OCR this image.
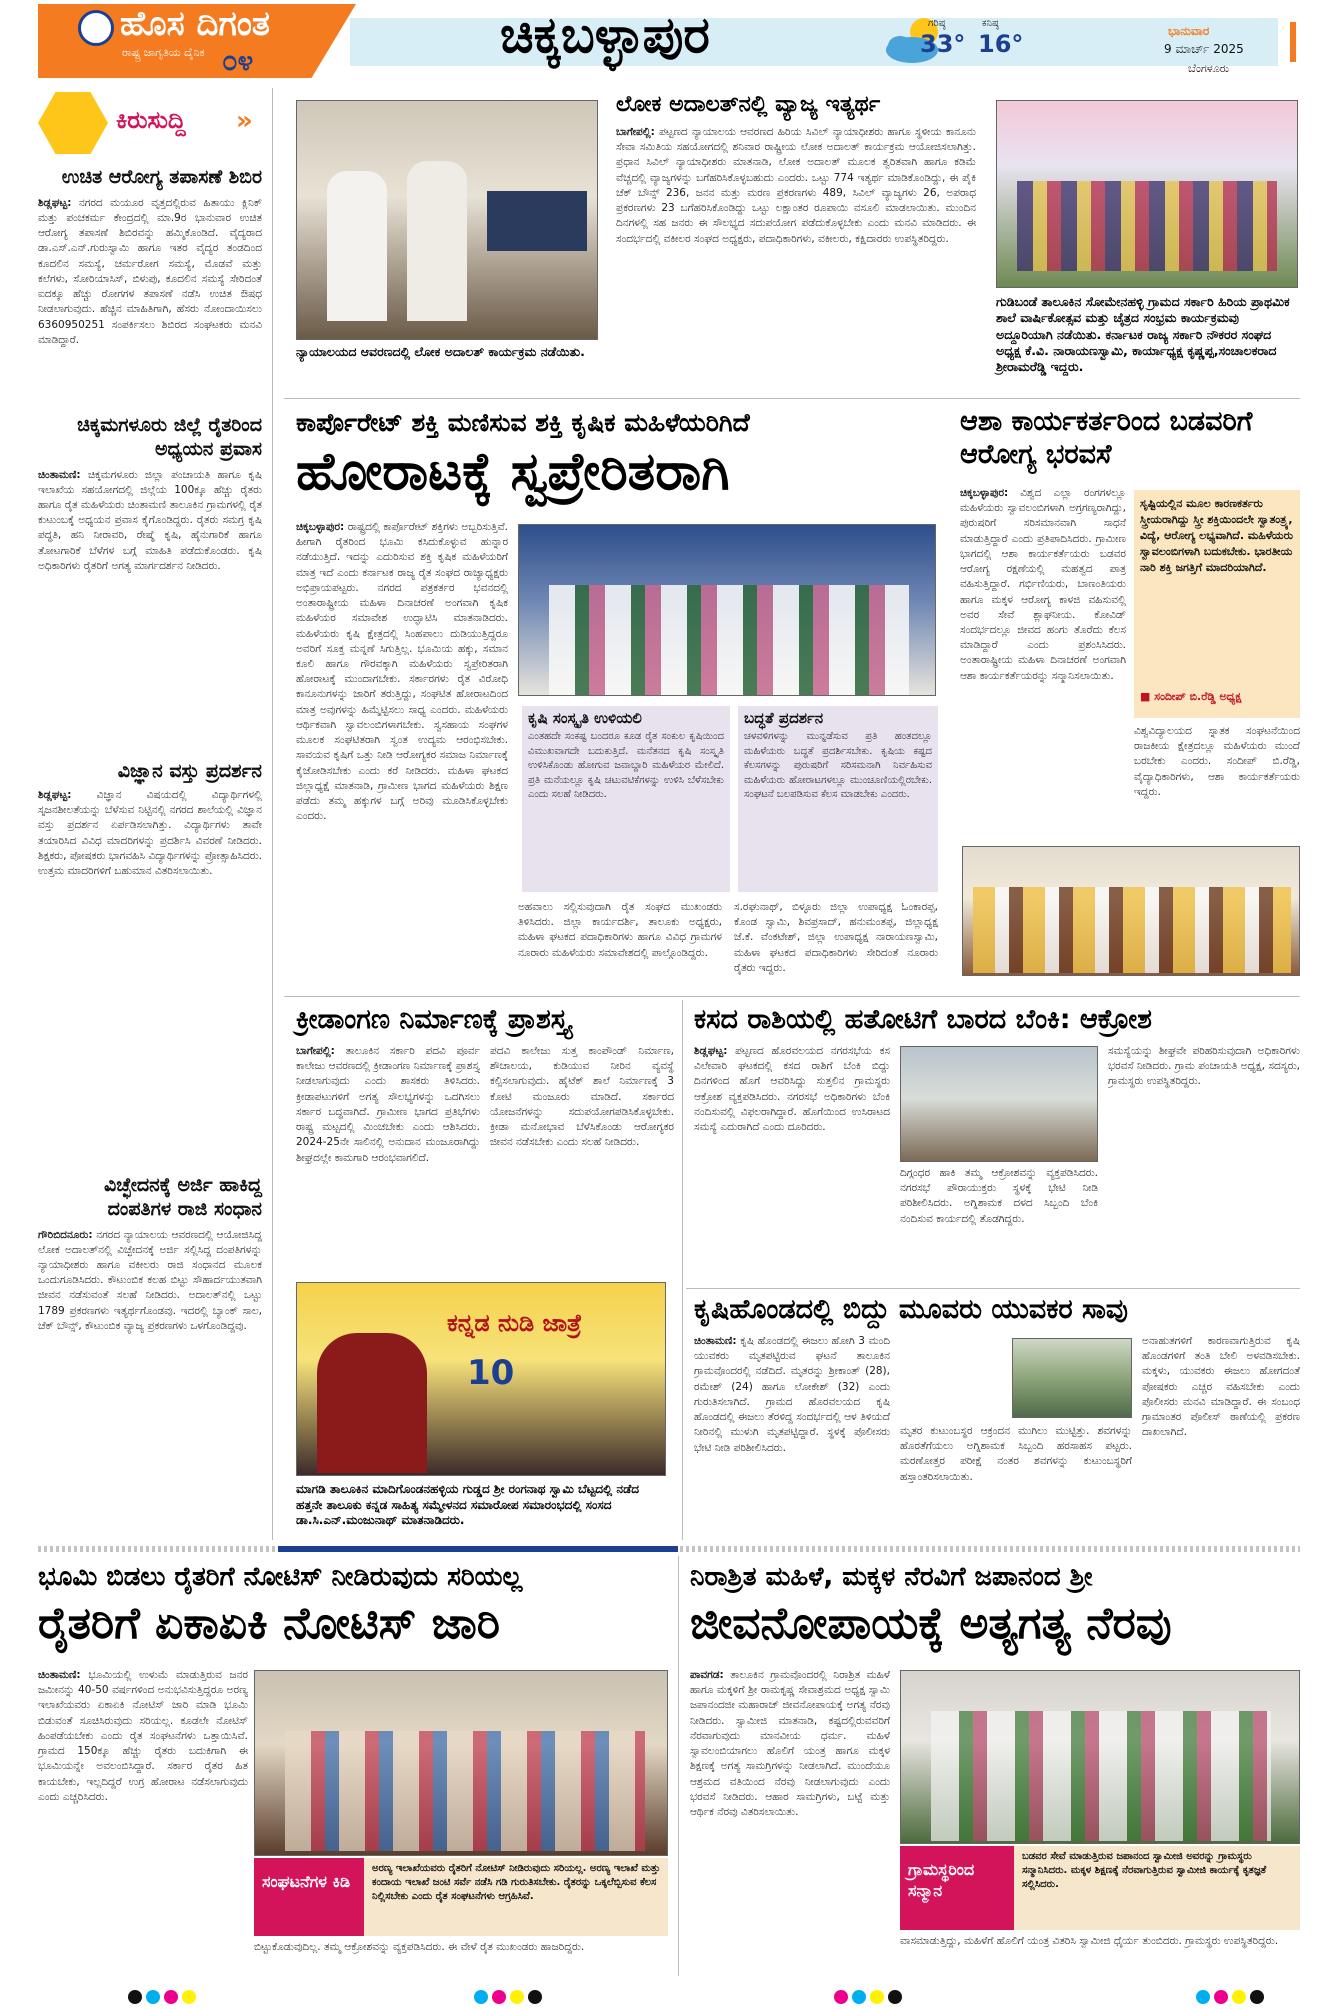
ಹೊಸ ದಿಗಂತ
ರಾಷ್ಟ್ರ ಜಾಗೃತಿಯ ದೈನಿಕ ೦೪	ಚಿಕ್ಕಬಳ್ಳಾಪುರ	ಗರಿಷ್ಠ
33°
ಕನಿಷ್ಠ
16°	ಭಾನುವಾರ
9 ಮಾರ್ಚ್ 2025
ಬೆಂಗಳೂರು
ಕಿರುಸುದ್ದಿ »
ಉಚಿತ ಆರೋಗ್ಯ ತಪಾಸಣೆ ಶಿಬಿರ
ಶಿಡ್ಲಘಟ್ಟ: ನಗರದ ಮಯೂರ ವೃತ್ತದಲ್ಲಿರುವ ಹಿತಾಯು ಕ್ಲಿನಿಕ್ ಮತ್ತು ಪಂಚಕರ್ಮ ಕೇಂದ್ರದಲ್ಲಿ ಮಾ.9ರ ಭಾನುವಾರ ಉಚಿತ ಆರೋಗ್ಯ ತಪಾಸಣೆ ಶಿಬಿರವನ್ನು ಹಮ್ಮಿಕೊಂಡಿದೆ. ವೈದ್ಯರಾದ ಡಾ.ಎಸ್.ಎನ್.ಗುರುಸ್ವಾಮಿ ಹಾಗೂ ಇತರ ವೈದ್ಯರ ತಂಡದಿಂದ ಕೂದಲಿನ ಸಮಸ್ಯೆ, ಚರ್ಮರೋಗ ಸಮಸ್ಯೆ, ಮೊಡವೆ ಮತ್ತು ಕಲೆಗಳು, ಸೋರಿಯಾಸಿಸ್, ಬಿಳುಪು, ಕೂದಲಿನ ಸಮಸ್ಯೆ ಸೇರಿದಂತೆ ಐದಕ್ಕೂ ಹೆಚ್ಚು ರೋಗಗಳ ತಪಾಸಣೆ ನಡೆಸಿ ಉಚಿತ ಔಷಧ ನೀಡಲಾಗುವುದು. ಹೆಚ್ಚಿನ ಮಾಹಿತಿಗಾಗಿ, ಹೆಸರು ನೋಂದಾಯಿಸಲು 6360950251 ಸಂಪರ್ಕಿಸಲು ಶಿಬಿರದ ಸಂಘಟಕರು ಮನವಿ ಮಾಡಿದ್ದಾರೆ.
ಚಿಕ್ಕಮಗಳೂರು ಜಿಲ್ಲೆ ರೈತರಿಂದ ಅಧ್ಯಯನ ಪ್ರವಾಸ
ಚಿಂತಾಮಣಿ: ಚಿಕ್ಕಮಗಳೂರು ಜಿಲ್ಲಾ ಪಂಚಾಯತಿ ಹಾಗೂ ಕೃಷಿ ಇಲಾಖೆಯ ಸಹಯೋಗದಲ್ಲಿ ಜಿಲ್ಲೆಯ 100ಕ್ಕೂ ಹೆಚ್ಚು ರೈತರು ಹಾಗೂ ರೈತ ಮಹಿಳೆಯರು ಚಿಂತಾಮಣಿ ತಾಲೂಕಿನ ಗ್ರಾಮಗಳಲ್ಲಿ ರೈತ ಕುಟುಂಬಕ್ಕೆ ಅಧ್ಯಯನ ಪ್ರವಾಸ ಕೈಗೊಂಡಿದ್ದರು. ರೈತರು ಸಮಗ್ರ ಕೃಷಿ ಪದ್ಧತಿ, ಹನಿ ನೀರಾವರಿ, ರೇಷ್ಮೆ ಕೃಷಿ, ಹೈನುಗಾರಿಕೆ ಹಾಗೂ ತೋಟಗಾರಿಕೆ ಬೆಳೆಗಳ ಬಗ್ಗೆ ಮಾಹಿತಿ ಪಡೆದುಕೊಂಡರು. ಕೃಷಿ ಅಧಿಕಾರಿಗಳು ರೈತರಿಗೆ ಅಗತ್ಯ ಮಾರ್ಗದರ್ಶನ ನೀಡಿದರು.
ವಿಜ್ಞಾನ ವಸ್ತು ಪ್ರದರ್ಶನ
ಶಿಡ್ಲಘಟ್ಟ: ವಿಜ್ಞಾನ ವಿಷಯದಲ್ಲಿ ವಿದ್ಯಾರ್ಥಿಗಳಲ್ಲಿ ಸೃಜನಶೀಲತೆಯನ್ನು ಬೆಳೆಸುವ ನಿಟ್ಟಿನಲ್ಲಿ ನಗರದ ಶಾಲೆಯಲ್ಲಿ ವಿಜ್ಞಾನ ವಸ್ತು ಪ್ರದರ್ಶನ ಏರ್ಪಡಿಸಲಾಗಿತ್ತು. ವಿದ್ಯಾರ್ಥಿಗಳು ತಾವೇ ತಯಾರಿಸಿದ ವಿವಿಧ ಮಾದರಿಗಳನ್ನು ಪ್ರದರ್ಶಿಸಿ ವಿವರಣೆ ನೀಡಿದರು. ಶಿಕ್ಷಕರು, ಪೋಷಕರು ಭಾಗವಹಿಸಿ ವಿದ್ಯಾರ್ಥಿಗಳನ್ನು ಪ್ರೋತ್ಸಾಹಿಸಿದರು. ಉತ್ತಮ ಮಾದರಿಗಳಿಗೆ ಬಹುಮಾನ ವಿತರಿಸಲಾಯಿತು.
ವಿಚ್ಛೇದನಕ್ಕೆ ಅರ್ಜಿ ಹಾಕಿದ್ದ ದಂಪತಿಗಳ ರಾಜಿ ಸಂಧಾನ
ಗೌರಿಬಿದನೂರು: ನಗರದ ನ್ಯಾಯಾಲಯ ಆವರಣದಲ್ಲಿ ಆಯೋಜಿಸಿದ್ದ ಲೋಕ ಅದಾಲತ್‌ನಲ್ಲಿ ವಿಚ್ಛೇದನಕ್ಕೆ ಅರ್ಜಿ ಸಲ್ಲಿಸಿದ್ದ ದಂಪತಿಗಳನ್ನು ನ್ಯಾಯಾಧೀಶರು ಹಾಗೂ ವಕೀಲರು ರಾಜಿ ಸಂಧಾನದ ಮೂಲಕ ಒಂದುಗೂಡಿಸಿದರು. ಕೌಟುಂಬಿಕ ಕಲಹ ಬಿಟ್ಟು ಸೌಹಾರ್ದಯುತವಾಗಿ ಜೀವನ ನಡೆಸುವಂತೆ ಸಲಹೆ ನೀಡಿದರು. ಅದಾಲತ್‌ನಲ್ಲಿ ಒಟ್ಟು 1789 ಪ್ರಕರಣಗಳು ಇತ್ಯರ್ಥಗೊಂಡವು. ಇದರಲ್ಲಿ ಬ್ಯಾಂಕ್ ಸಾಲ, ಚೆಕ್ ಬೌನ್ಸ್, ಕೌಟುಂಬಿಕ ವ್ಯಾಜ್ಯ ಪ್ರಕರಣಗಳು ಒಳಗೊಂಡಿದ್ದವು.
ನ್ಯಾಯಾಲಯದ ಆವರಣದಲ್ಲಿ ಲೋಕ ಅದಾಲತ್ ಕಾರ್ಯಕ್ರಮ ನಡೆಯಿತು.
ಲೋಕ ಅದಾಲತ್‌ನಲ್ಲಿ ವ್ಯಾಜ್ಯ ಇತ್ಯರ್ಥ
ಬಾಗೇಪಲ್ಲಿ: ಪಟ್ಟಣದ ನ್ಯಾಯಾಲಯ ಆವರಣದ ಹಿರಿಯ ಸಿವಿಲ್ ನ್ಯಾಯಾಧೀಶರು ಹಾಗೂ ಸ್ಥಳೀಯ ಕಾನೂನು ಸೇವಾ ಸಮಿತಿಯ ಸಹಯೋಗದಲ್ಲಿ ಶನಿವಾರ ರಾಷ್ಟ್ರೀಯ ಲೋಕ ಅದಾಲತ್ ಕಾರ್ಯಕ್ರಮ ಆಯೋಜಿಸಲಾಗಿತ್ತು. ಪ್ರಧಾನ ಸಿವಿಲ್ ನ್ಯಾಯಾಧೀಶರು ಮಾತನಾಡಿ, ಲೋಕ ಅದಾಲತ್ ಮೂಲಕ ತ್ವರಿತವಾಗಿ ಹಾಗೂ ಕಡಿಮೆ ವೆಚ್ಚದಲ್ಲಿ ವ್ಯಾಜ್ಯಗಳನ್ನು ಬಗೆಹರಿಸಿಕೊಳ್ಳಬಹುದು ಎಂದರು. ಒಟ್ಟು 774 ಇತ್ಯರ್ಥ ಮಾಡಿಕೊಂಡಿದ್ದು, ಈ ಪೈಕಿ ಚೆಕ್ ಬೌನ್ಸ್ 236, ಜನನ ಮತ್ತು ಮರಣ ಪ್ರಕರಣಗಳು 489, ಸಿವಿಲ್ ವ್ಯಾಜ್ಯಗಳು 26, ಅಪರಾಧ ಪ್ರಕರಣಗಳು 23 ಬಗೆಹರಿಸಿಕೊಂಡಿದ್ದು ಒಟ್ಟು ಲಕ್ಷಾಂತರ ರೂಪಾಯಿ ವಸೂಲಿ ಮಾಡಲಾಯಿತು. ಮುಂದಿನ ದಿನಗಳಲ್ಲಿ ಸಹ ಜನರು ಈ ಸೌಲಭ್ಯದ ಸದುಪಯೋಗ ಪಡೆದುಕೊಳ್ಳಬೇಕು ಎಂದು ಮನವಿ ಮಾಡಿದರು. ಈ ಸಂದರ್ಭದಲ್ಲಿ ವಕೀಲರ ಸಂಘದ ಅಧ್ಯಕ್ಷರು, ಪದಾಧಿಕಾರಿಗಳು, ವಕೀಲರು, ಕಕ್ಷಿದಾರರು ಉಪಸ್ಥಿತರಿದ್ದರು.
ಗುಡಿಬಂಡೆ ತಾಲೂಕಿನ ಸೋಮೇನಹಳ್ಳಿ ಗ್ರಾಮದ ಸರ್ಕಾರಿ ಹಿರಿಯ ಪ್ರಾಥಮಿಕ ಶಾಲೆ ವಾರ್ಷಿಕೋತ್ಸವ ಮತ್ತು ಚೈತ್ರದ ಸಂಭ್ರಮ ಕಾರ್ಯಕ್ರಮವು ಅದ್ದೂರಿಯಾಗಿ ನಡೆಯಿತು. ಕರ್ನಾಟಕ ರಾಜ್ಯ ಸರ್ಕಾರಿ ನೌಕರರ ಸಂಘದ ಅಧ್ಯಕ್ಷ ಕೆ.ವಿ. ನಾರಾಯಣಸ್ವಾಮಿ, ಕಾರ್ಯಾಧ್ಯಕ್ಷ ಕೃಷ್ಣಪ್ಪ,ಸಂಚಾಲಕರಾದ ಶ್ರೀರಾಮರೆಡ್ಡಿ ಇದ್ದರು.
ಕಾರ್ಪೊರೇಟ್ ಶಕ್ತಿ ಮಣಿಸುವ ಶಕ್ತಿ ಕೃಷಿಕ ಮಹಿಳೆಯರಿಗಿದೆ
ಹೋರಾಟಕ್ಕೆ ಸ್ವಪ್ರೇರಿತರಾಗಿ
ಚಿಕ್ಕಬಳ್ಳಾಪುರ: ರಾಷ್ಟ್ರದಲ್ಲಿ ಕಾರ್ಪೊರೇಟ್ ಶಕ್ತಿಗಳು ಅಬ್ಬರಿಸುತ್ತಿವೆ. ಹೀಗಾಗಿ ರೈತರಿಂದ ಭೂಮಿ ಕಸಿದುಕೊಳ್ಳುವ ಹುನ್ನಾರ ನಡೆಯುತ್ತಿದೆ. ಇದನ್ನು ಎದುರಿಸುವ ಶಕ್ತಿ ಕೃಷಿಕ ಮಹಿಳೆಯರಿಗೆ ಮಾತ್ರ ಇದೆ ಎಂದು ಕರ್ನಾಟಕ ರಾಜ್ಯ ರೈತ ಸಂಘದ ರಾಜ್ಯಾಧ್ಯಕ್ಷರು ಅಭಿಪ್ರಾಯಪಟ್ಟರು. ನಗರದ ಪತ್ರಕರ್ತರ ಭವನದಲ್ಲಿ ಅಂತಾರಾಷ್ಟ್ರೀಯ ಮಹಿಳಾ ದಿನಾಚರಣೆ ಅಂಗವಾಗಿ ಕೃಷಿಕ ಮಹಿಳೆಯರ ಸಮಾವೇಶ ಉದ್ಘಾಟಿಸಿ ಮಾತನಾಡಿದರು. ಮಹಿಳೆಯರು ಕೃಷಿ ಕ್ಷೇತ್ರದಲ್ಲಿ ಸಿಂಹಪಾಲು ದುಡಿಯುತ್ತಿದ್ದರೂ ಅವರಿಗೆ ಸೂಕ್ತ ಮನ್ನಣೆ ಸಿಗುತ್ತಿಲ್ಲ. ಭೂಮಿಯ ಹಕ್ಕು, ಸಮಾನ ಕೂಲಿ ಹಾಗೂ ಗೌರವಕ್ಕಾಗಿ ಮಹಿಳೆಯರು ಸ್ವಪ್ರೇರಿತರಾಗಿ ಹೋರಾಟಕ್ಕೆ ಮುಂದಾಗಬೇಕು. ಸರ್ಕಾರಗಳು ರೈತ ವಿರೋಧಿ ಕಾನೂನುಗಳನ್ನು ಜಾರಿಗೆ ತರುತ್ತಿದ್ದು, ಸಂಘಟಿತ ಹೋರಾಟದಿಂದ ಮಾತ್ರ ಅವುಗಳನ್ನು ಹಿಮ್ಮೆಟ್ಟಿಸಲು ಸಾಧ್ಯ ಎಂದರು. ಮಹಿಳೆಯರು ಆರ್ಥಿಕವಾಗಿ ಸ್ವಾವಲಂಬಿಗಳಾಗಬೇಕು. ಸ್ವಸಹಾಯ ಸಂಘಗಳ ಮೂಲಕ ಸಂಘಟಿತರಾಗಿ ಸ್ವಂತ ಉದ್ಯಮ ಆರಂಭಿಸಬೇಕು. ಸಾವಯವ ಕೃಷಿಗೆ ಒತ್ತು ನೀಡಿ ಆರೋಗ್ಯಕರ ಸಮಾಜ ನಿರ್ಮಾಣಕ್ಕೆ ಕೈಜೋಡಿಸಬೇಕು ಎಂದು ಕರೆ ನೀಡಿದರು. ಮಹಿಳಾ ಘಟಕದ ಜಿಲ್ಲಾಧ್ಯಕ್ಷೆ ಮಾತನಾಡಿ, ಗ್ರಾಮೀಣ ಭಾಗದ ಮಹಿಳೆಯರು ಶಿಕ್ಷಣ ಪಡೆದು ತಮ್ಮ ಹಕ್ಕುಗಳ ಬಗ್ಗೆ ಅರಿವು ಮೂಡಿಸಿಕೊಳ್ಳಬೇಕು ಎಂದರು.
ಕೃಷಿ ಸಂಸ್ಕೃತಿ ಉಳಿಯಲಿ
ಎಂತಹದೇ ಸಂಕಷ್ಟ ಬಂದರೂ ಕೂಡ ರೈತ ಸಂಕುಲ ಕೃಷಿಯಿಂದ ವಿಮುಖವಾಗದೇ ಬದುಕುತ್ತಿದೆ. ಮನೆತನದ ಕೃಷಿ ಸಂಸ್ಕೃತಿ ಉಳಿಸಿಕೊಂಡು ಹೋಗುವ ಜವಾಬ್ದಾರಿ ಮಹಿಳೆಯರ ಮೇಲಿದೆ. ಪ್ರತಿ ಮನೆಯಲ್ಲೂ ಕೃಷಿ ಚಟುವಟಿಕೆಗಳನ್ನು ಉಳಿಸಿ ಬೆಳೆಸಬೇಕು ಎಂದು ಸಲಹೆ ನೀಡಿದರು.
ಬದ್ಧತೆ ಪ್ರದರ್ಶನ
ಚಳವಳಿಗಳನ್ನು ಮುನ್ನಡೆಸುವ ಪ್ರತಿ ಹಂತದಲ್ಲೂ ಮಹಿಳೆಯರು ಬದ್ಧತೆ ಪ್ರದರ್ಶಿಸಬೇಕು. ಕೃಷಿಯ ಕಷ್ಟದ ಕೆಲಸಗಳನ್ನು ಪುರುಷರಿಗೆ ಸರಿಸಮನಾಗಿ ನಿರ್ವಹಿಸುವ ಮಹಿಳೆಯರು ಹೋರಾಟಗಳಲ್ಲೂ ಮುಂಚೂಣಿಯಲ್ಲಿರಬೇಕು. ಸಂಘಟನೆ ಬಲಪಡಿಸುವ ಕೆಲಸ ಮಾಡಬೇಕು ಎಂದರು.
ಅಹವಾಲು ಸಲ್ಲಿಸುವುದಾಗಿ ರೈತ ಸಂಘದ ಮುಖಂಡರು ತಿಳಿಸಿದರು. ಜಿಲ್ಲಾ ಕಾರ್ಯದರ್ಶಿ, ತಾಲೂಕು ಅಧ್ಯಕ್ಷರು, ಮಹಿಳಾ ಘಟಕದ ಪದಾಧಿಕಾರಿಗಳು ಹಾಗೂ ವಿವಿಧ ಗ್ರಾಮಗಳ ನೂರಾರು ಮಹಿಳೆಯರು ಸಮಾವೇಶದಲ್ಲಿ ಪಾಲ್ಗೊಂಡಿದ್ದರು.
ಸ.ರಘುನಾಥ್, ಬಿಳ್ಳೂರು ಜಿಲ್ಲಾ ಉಪಾಧ್ಯಕ್ಷ ಓಂಕಾರಪ್ಪ, ಕೊಂಡ ಸ್ವಾಮಿ, ಶಿವಪ್ರಸಾದ್, ಹನುಮಂತಪ್ಪ, ಜಿಲ್ಲಾಧ್ಯಕ್ಷ ಜೆ.ಕೆ. ವೆಂಕಟೇಶ್, ಜಿಲ್ಲಾ ಉಪಾಧ್ಯಕ್ಷ ನಾರಾಯಣಸ್ವಾಮಿ, ಮಹಿಳಾ ಘಟಕದ ಪದಾಧಿಕಾರಿಗಳು ಸೇರಿದಂತೆ ನೂರಾರು ರೈತರು ಇದ್ದರು.
ಆಶಾ ಕಾರ್ಯಕರ್ತರಿಂದ ಬಡವರಿಗೆ ಆರೋಗ್ಯ ಭರವಸೆ
ಚಿಕ್ಕಬಳ್ಳಾಪುರ: ವಿಶ್ವದ ಎಲ್ಲಾ ರಂಗಗಳಲ್ಲೂ ಮಹಿಳೆಯರು ಸ್ವಾವಲಂಬಿಗಳಾಗಿ ಅಗ್ರಗಣ್ಯರಾಗಿದ್ದು, ಪುರುಷರಿಗೆ ಸರಿಸಮಾನವಾಗಿ ಸಾಧನೆ ಮಾಡುತ್ತಿದ್ದಾರೆ ಎಂದು ಪ್ರತಿಪಾದಿಸಿದರು. ಗ್ರಾಮೀಣ ಭಾಗದಲ್ಲಿ ಆಶಾ ಕಾರ್ಯಕರ್ತೆಯರು ಬಡವರ ಆರೋಗ್ಯ ರಕ್ಷಣೆಯಲ್ಲಿ ಮಹತ್ವದ ಪಾತ್ರ ವಹಿಸುತ್ತಿದ್ದಾರೆ. ಗರ್ಭಿಣಿಯರು, ಬಾಣಂತಿಯರು ಹಾಗೂ ಮಕ್ಕಳ ಆರೋಗ್ಯ ಕಾಳಜಿ ವಹಿಸುವಲ್ಲಿ ಅವರ ಸೇವೆ ಶ್ಲಾಘನೀಯ. ಕೋವಿಡ್ ಸಂದರ್ಭದಲ್ಲೂ ಜೀವದ ಹಂಗು ತೊರೆದು ಕೆಲಸ ಮಾಡಿದ್ದಾರೆ ಎಂದು ಪ್ರಶಂಸಿಸಿದರು. ಅಂತಾರಾಷ್ಟ್ರೀಯ ಮಹಿಳಾ ದಿನಾಚರಣೆ ಅಂಗವಾಗಿ ಆಶಾ ಕಾರ್ಯಕರ್ತೆಯರನ್ನು ಸನ್ಮಾನಿಸಲಾಯಿತು.
ಸೃಷ್ಟಿಯಲ್ಲಿನ ಮೂಲ ಕಾರಣಕರ್ತರು ಸ್ತ್ರೀಯರಾಗಿದ್ದು ಸ್ತ್ರೀ ಶಕ್ತಿಯಿಂದಲೇ ಸ್ವಾತಂತ್ರ್ಯ, ವಿದ್ಯೆ, ಆರೋಗ್ಯ ಲಭ್ಯವಾಗಿದೆ. ಮಹಿಳೆಯರು ಸ್ವಾವಲಂಬಿಗಳಾಗಿ ಬದುಕಬೇಕು. ಭಾರತೀಯ ನಾರಿ ಶಕ್ತಿ ಜಗತ್ತಿಗೆ ಮಾದರಿಯಾಗಿದೆ.
■ ಸಂದೀಪ್ ಬಿ.ರೆಡ್ಡಿ ಅಧ್ಯಕ್ಷ
ವಿಶ್ವವಿದ್ಯಾಲಯದ ಸ್ನಾತಕ ಸಂಘಟನೆಯಿಂದ ರಾಜಕೀಯ ಕ್ಷೇತ್ರದಲ್ಲೂ ಮಹಿಳೆಯರು ಮುಂದೆ ಬರಬೇಕು ಎಂದರು. ಸಂದೀಪ್ ಬಿ.ರೆಡ್ಡಿ, ವೈದ್ಯಾಧಿಕಾರಿಗಳು, ಆಶಾ ಕಾರ್ಯಕರ್ತೆಯರು ಇದ್ದರು.
ಕ್ರೀಡಾಂಗಣ ನಿರ್ಮಾಣಕ್ಕೆ ಪ್ರಾಶಸ್ತ್ಯ
ಬಾಗೇಪಲ್ಲಿ: ತಾಲೂಕಿನ ಸರ್ಕಾರಿ ಪದವಿ ಪೂರ್ವ ಕಾಲೇಜು ಆವರಣದಲ್ಲಿ ಕ್ರೀಡಾಂಗಣ ನಿರ್ಮಾಣಕ್ಕೆ ಪ್ರಾಶಸ್ತ್ಯ ನೀಡಲಾಗುವುದು ಎಂದು ಶಾಸಕರು ತಿಳಿಸಿದರು. ಕ್ರೀಡಾಪಟುಗಳಿಗೆ ಅಗತ್ಯ ಸೌಲಭ್ಯಗಳನ್ನು ಒದಗಿಸಲು ಸರ್ಕಾರ ಬದ್ಧವಾಗಿದೆ. ಗ್ರಾಮೀಣ ಭಾಗದ ಪ್ರತಿಭೆಗಳು ರಾಷ್ಟ್ರ ಮಟ್ಟದಲ್ಲಿ ಮಿಂಚಬೇಕು ಎಂದು ಆಶಿಸಿದರು. 2024-25ನೇ ಸಾಲಿನಲ್ಲಿ ಅನುದಾನ ಮಂಜೂರಾಗಿದ್ದು ಶೀಘ್ರದಲ್ಲೇ ಕಾಮಗಾರಿ ಆರಂಭವಾಗಲಿದೆ.
ಪದವಿ ಕಾಲೇಜು ಸುತ್ತ ಕಾಂಪೌಂಡ್ ನಿರ್ಮಾಣ, ಶೌಚಾಲಯ, ಕುಡಿಯುವ ನೀರಿನ ವ್ಯವಸ್ಥೆ ಕಲ್ಪಿಸಲಾಗುವುದು. ಹೈಟೆಕ್ ಶಾಲೆ ನಿರ್ಮಾಣಕ್ಕೆ 3 ಕೋಟಿ ಮಂಜೂರು ಮಾಡಿದೆ. ಸರ್ಕಾರದ ಯೋಜನೆಗಳನ್ನು ಸದುಪಯೋಗಪಡಿಸಿಕೊಳ್ಳಬೇಕು. ಕ್ರೀಡಾ ಮನೋಭಾವ ಬೆಳೆಸಿಕೊಂಡು ಆರೋಗ್ಯಕರ ಜೀವನ ನಡೆಸಬೇಕು ಎಂದು ಸಲಹೆ ನೀಡಿದರು.
ಕನ್ನಡ ನುಡಿ ಜಾತ್ರೆ
10
ಮಾಗಡಿ ತಾಲೂಕಿನ ಮಾದಿಗೊಂಡನಹಳ್ಳಿಯ ಗುಡ್ಡದ ಶ್ರೀ ರಂಗನಾಥ ಸ್ವಾಮಿ ಬೆಟ್ಟದಲ್ಲಿ ನಡೆದ ಹತ್ತನೇ ತಾಲೂಕು ಕನ್ನಡ ಸಾಹಿತ್ಯ ಸಮ್ಮೇಳನದ ಸಮಾರೋಪ ಸಮಾರಂಭದಲ್ಲಿ ಸಂಸದ ಡಾ.ಸಿ.ಎನ್.ಮಂಜುನಾಥ್ ಮಾತನಾಡಿದರು.
ಕಸದ ರಾಶಿಯಲ್ಲಿ ಹತೋಟಿಗೆ ಬಾರದ ಬೆಂಕಿ: ಆಕ್ರೋಶ
ಶಿಡ್ಲಘಟ್ಟ: ಪಟ್ಟಣದ ಹೊರವಲಯದ ನಗರಸಭೆಯ ಕಸ ವಿಲೇವಾರಿ ಘಟಕದಲ್ಲಿ ಕಸದ ರಾಶಿಗೆ ಬೆಂಕಿ ಬಿದ್ದು ದಿನಗಳಿಂದ ಹೊಗೆ ಆವರಿಸಿದ್ದು ಸುತ್ತಲಿನ ಗ್ರಾಮಸ್ಥರು ಆಕ್ರೋಶ ವ್ಯಕ್ತಪಡಿಸಿದರು. ನಗರಸಭೆ ಅಧಿಕಾರಿಗಳು ಬೆಂಕಿ ನಂದಿಸುವಲ್ಲಿ ವಿಫಲರಾಗಿದ್ದಾರೆ. ಹೊಗೆಯಿಂದ ಉಸಿರಾಟದ ಸಮಸ್ಯೆ ಎದುರಾಗಿದೆ ಎಂದು ದೂರಿದರು.
ದಿಗ್ಗಂಧರ ಹಾಕಿ ತಮ್ಮ ಆಕ್ರೋಶವನ್ನು ವ್ಯಕ್ತಪಡಿಸಿದರು. ನಗರಸಭೆ ಪೌರಾಯುಕ್ತರು ಸ್ಥಳಕ್ಕೆ ಭೇಟಿ ನೀಡಿ ಪರಿಶೀಲಿಸಿದರು. ಅಗ್ನಿಶಾಮಕ ದಳದ ಸಿಬ್ಬಂದಿ ಬೆಂಕಿ ನಂದಿಸುವ ಕಾರ್ಯದಲ್ಲಿ ತೊಡಗಿದ್ದರು.
ಸಮಸ್ಯೆಯನ್ನು ಶೀಘ್ರವೇ ಪರಿಹರಿಸುವುದಾಗಿ ಅಧಿಕಾರಿಗಳು ಭರವಸೆ ನೀಡಿದರು. ಗ್ರಾಮ ಪಂಚಾಯತಿ ಅಧ್ಯಕ್ಷ, ಸದಸ್ಯರು, ಗ್ರಾಮಸ್ಥರು ಉಪಸ್ಥಿತರಿದ್ದರು.
ಕೃಷಿಹೊಂಡದಲ್ಲಿ ಬಿದ್ದು ಮೂವರು ಯುವಕರ ಸಾವು
ಚಿಂತಾಮಣಿ: ಕೃಷಿ ಹೊಂಡದಲ್ಲಿ ಈಜಲು ಹೋಗಿ 3 ಮಂದಿ ಯುವಕರು ಮೃತಪಟ್ಟಿರುವ ಘಟನೆ ತಾಲೂಕಿನ ಗ್ರಾಮವೊಂದರಲ್ಲಿ ನಡೆದಿದೆ. ಮೃತರನ್ನು ಶ್ರೀಕಾಂತ್ (28), ರಮೇಶ್ (24) ಹಾಗೂ ಲೋಕೇಶ್ (32) ಎಂದು ಗುರುತಿಸಲಾಗಿದೆ. ಗ್ರಾಮದ ಹೊರವಲಯದ ಕೃಷಿ ಹೊಂಡದಲ್ಲಿ ಈಜಲು ತೆರಳಿದ್ದ ಸಂದರ್ಭದಲ್ಲಿ ಆಳ ತಿಳಿಯದೆ ನೀರಿನಲ್ಲಿ ಮುಳುಗಿ ಮೃತಪಟ್ಟಿದ್ದಾರೆ. ಸ್ಥಳಕ್ಕೆ ಪೊಲೀಸರು ಭೇಟಿ ನೀಡಿ ಪರಿಶೀಲಿಸಿದರು.
ಮೃತರ ಕುಟುಂಬಸ್ಥರ ಆಕ್ರಂದನ ಮುಗಿಲು ಮುಟ್ಟಿತ್ತು. ಶವಗಳನ್ನು ಹೊರತೆಗೆಯಲು ಅಗ್ನಿಶಾಮಕ ಸಿಬ್ಬಂದಿ ಹರಸಾಹಸ ಪಟ್ಟರು. ಮರಣೋತ್ತರ ಪರೀಕ್ಷೆ ನಂತರ ಶವಗಳನ್ನು ಕುಟುಂಬಸ್ಥರಿಗೆ ಹಸ್ತಾಂತರಿಸಲಾಯಿತು.
ಅನಾಹುತಗಳಿಗೆ ಕಾರಣವಾಗುತ್ತಿರುವ ಕೃಷಿ ಹೊಂಡಗಳಿಗೆ ತಂತಿ ಬೇಲಿ ಅಳವಡಿಸಬೇಕು. ಮಕ್ಕಳು, ಯುವಕರು ಈಜಲು ಹೋಗದಂತೆ ಪೋಷಕರು ಎಚ್ಚರ ವಹಿಸಬೇಕು ಎಂದು ಪೊಲೀಸರು ಮನವಿ ಮಾಡಿದ್ದಾರೆ. ಈ ಸಂಬಂಧ ಗ್ರಾಮಾಂತರ ಪೊಲೀಸ್ ಠಾಣೆಯಲ್ಲಿ ಪ್ರಕರಣ ದಾಖಲಾಗಿದೆ.
ಭೂಮಿ ಬಿಡಲು ರೈತರಿಗೆ ನೋಟಿಸ್ ನೀಡಿರುವುದು ಸರಿಯಲ್ಲ
ರೈತರಿಗೆ ಏಕಾಏಕಿ ನೋಟಿಸ್ ಜಾರಿ
ಚಿಂತಾಮಣಿ: ಭೂಮಿಯಲ್ಲಿ ಉಳುಮೆ ಮಾಡುತ್ತಿರುವ ಜನರ ಜಮೀನನ್ನು 40-50 ವರ್ಷಗಳಿಂದ ಅನುಭವಿಸುತ್ತಿದ್ದರೂ ಅರಣ್ಯ ಇಲಾಖೆಯವರು ಏಕಾಏಕಿ ನೋಟಿಸ್ ಜಾರಿ ಮಾಡಿ ಭೂಮಿ ಬಿಡುವಂತೆ ಸೂಚಿಸಿರುವುದು ಸರಿಯಲ್ಲ. ಕೂಡಲೇ ನೋಟಿಸ್ ಹಿಂಪಡೆಯಬೇಕು ಎಂದು ರೈತ ಸಂಘಟನೆಗಳು ಒತ್ತಾಯಿಸಿವೆ. ಗ್ರಾಮದ 150ಕ್ಕೂ ಹೆಚ್ಚು ರೈತರು ಬದುಕಿಗಾಗಿ ಈ ಭೂಮಿಯನ್ನೇ ಅವಲಂಬಿಸಿದ್ದಾರೆ. ಸರ್ಕಾರ ರೈತರ ಹಿತ ಕಾಯಬೇಕು, ಇಲ್ಲದಿದ್ದರೆ ಉಗ್ರ ಹೋರಾಟ ನಡೆಸಲಾಗುವುದು ಎಂದು ಎಚ್ಚರಿಸಿದರು.
ಸಂಘಟನೆಗಳ ಕಿಡಿ
ಅರಣ್ಯ ಇಲಾಖೆಯವರು ರೈತರಿಗೆ ನೋಟಿಸ್ ನೀಡಿರುವುದು ಸರಿಯಲ್ಲ. ಅರಣ್ಯ ಇಲಾಖೆ ಮತ್ತು ಕಂದಾಯ ಇಲಾಖೆ ಜಂಟಿ ಸರ್ವೆ ನಡೆಸಿ ಗಡಿ ಗುರುತಿಸಬೇಕು. ರೈತರನ್ನು ಒಕ್ಕಲೆಬ್ಬಿಸುವ ಕೆಲಸ ನಿಲ್ಲಿಸಬೇಕು ಎಂದು ರೈತ ಸಂಘಟನೆಗಳು ಆಗ್ರಹಿಸಿವೆ.
ಬಿಟ್ಟುಕೊಡುವುದಿಲ್ಲ. ತಮ್ಮ ಆಕ್ರೋಶವನ್ನು ವ್ಯಕ್ತಪಡಿಸಿದರು. ಈ ವೇಳೆ ರೈತ ಮುಖಂಡರು ಹಾಜರಿದ್ದರು.
ನಿರಾಶ್ರಿತ ಮಹಿಳೆ, ಮಕ್ಕಳ ನೆರವಿಗೆ ಜಪಾನಂದ ಶ್ರೀ
ಜೀವನೋಪಾಯಕ್ಕೆ ಅತ್ಯಗತ್ಯ ನೆರವು
ಪಾವಗಡ: ತಾಲೂಕಿನ ಗ್ರಾಮವೊಂದರಲ್ಲಿ ನಿರಾಶ್ರಿತ ಮಹಿಳೆ ಹಾಗೂ ಮಕ್ಕಳಿಗೆ ಶ್ರೀ ರಾಮಕೃಷ್ಣ ಸೇವಾಶ್ರಮದ ಅಧ್ಯಕ್ಷ ಸ್ವಾಮಿ ಜಪಾನಂದಜೀ ಮಹಾರಾಜ್ ಜೀವನೋಪಾಯಕ್ಕೆ ಅಗತ್ಯ ನೆರವು ನೀಡಿದರು. ಸ್ವಾಮೀಜಿ ಮಾತನಾಡಿ, ಕಷ್ಟದಲ್ಲಿರುವವರಿಗೆ ನೆರವಾಗುವುದು ಮಾನವೀಯ ಧರ್ಮ. ಮಹಿಳೆ ಸ್ವಾವಲಂಬಿಯಾಗಲು ಹೊಲಿಗೆ ಯಂತ್ರ ಹಾಗೂ ಮಕ್ಕಳ ಶಿಕ್ಷಣಕ್ಕೆ ಅಗತ್ಯ ಸಾಮಗ್ರಿಗಳನ್ನು ನೀಡಲಾಗಿದೆ. ಮುಂದೆಯೂ ಆಶ್ರಮದ ವತಿಯಿಂದ ನೆರವು ನೀಡಲಾಗುವುದು ಎಂದು ಭರವಸೆ ನೀಡಿದರು. ಆಹಾರ ಸಾಮಗ್ರಿಗಳು, ಬಟ್ಟೆ ಮತ್ತು ಆರ್ಥಿಕ ನೆರವು ವಿತರಿಸಲಾಯಿತು.
ಗ್ರಾಮಸ್ಥರಿಂದ ಸನ್ಮಾನ
ಬಡವರ ಸೇವೆ ಮಾಡುತ್ತಿರುವ ಜಪಾನಂದ ಸ್ವಾಮೀಜಿ ಅವರನ್ನು ಗ್ರಾಮಸ್ಥರು ಸನ್ಮಾನಿಸಿದರು. ಮಕ್ಕಳ ಶಿಕ್ಷಣಕ್ಕೆ ನೆರವಾಗುತ್ತಿರುವ ಸ್ವಾಮೀಜಿ ಕಾರ್ಯಕ್ಕೆ ಕೃತಜ್ಞತೆ ಸಲ್ಲಿಸಿದರು.
ವಾಸಮಾಡುತ್ತಿದ್ದು, ಮಹಿಳೆಗೆ ಹೊಲಿಗೆ ಯಂತ್ರ ವಿತರಿಸಿ ಸ್ವಾಮೀಜಿ ಧೈರ್ಯ ತುಂಬಿದರು. ಗ್ರಾಮಸ್ಥರು ಉಪಸ್ಥಿತರಿದ್ದರು.
